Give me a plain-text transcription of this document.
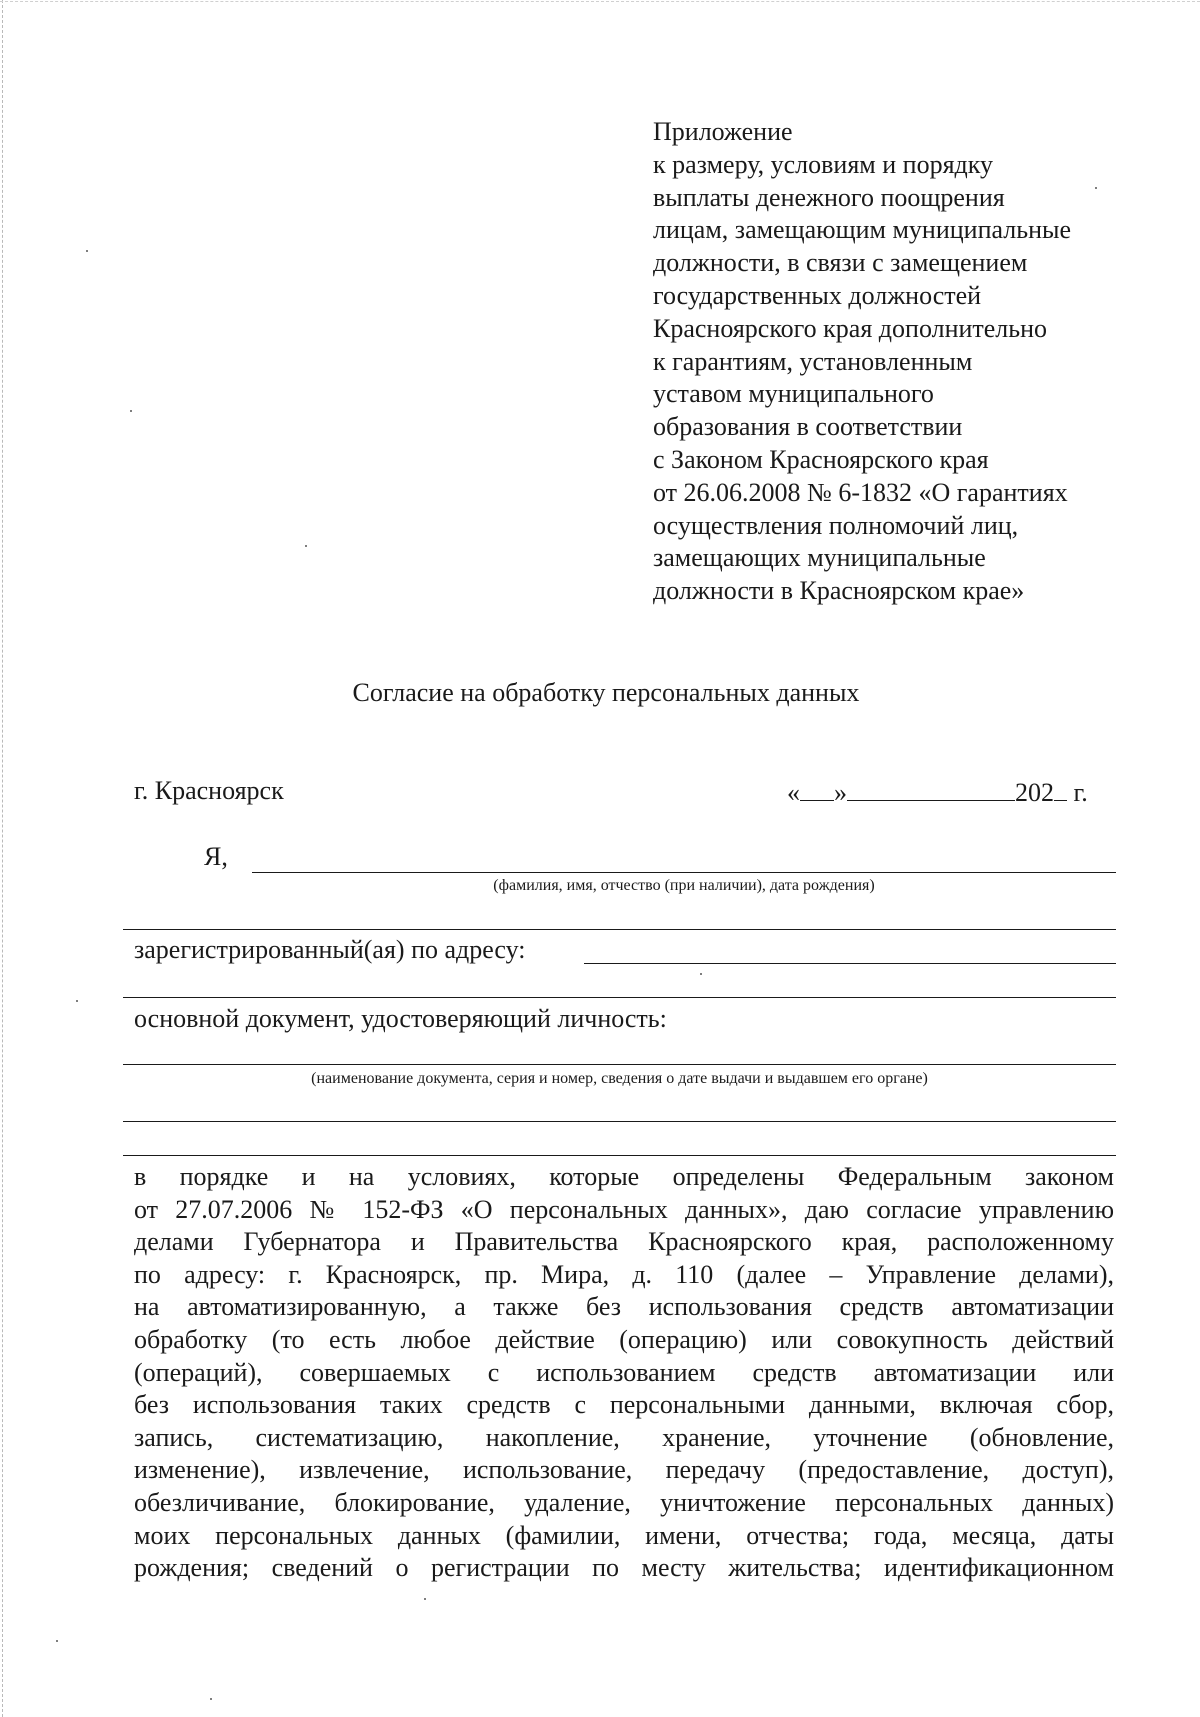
Приложение
к размеру, условиям и порядку
выплаты денежного поощрения
лицам, замещающим муниципальные
должности, в связи с замещением
государственных должностей
Красноярского края дополнительно
к гарантиям, установленным
уставом муниципального
образования в соответствии
с Законом Красноярского края
от 26.06.2008 № 6-1832 «О гарантиях
осуществления полномочий лиц,
замещающих муниципальные
должности в Красноярском крае»
Согласие на обработку персональных данных
г. Красноярск	« »	202 г.
Я,
(фамилия, имя, отчество (при наличии), дата рождения)
зарегистрированный(ая) по адресу:
основной документ, удостоверяющий личность:
(наименование документа, серия и номер, сведения о дате выдачи и выдавшем его органе)
в порядке и на условиях, которые определены Федеральным законом
от 27.07.2006 № 152-ФЗ «О персональных данных», даю согласие управлению
делами Губернатора и Правительства Красноярского края, расположенному
по адресу: г. Красноярск, пр. Мира, д. 110 (далее – Управление делами),
на автоматизированную, а также без использования средств автоматизации
обработку (то есть любое действие (операцию) или совокупность действий
(операций), совершаемых с использованием средств автоматизации или
без использования таких средств с персональными данными, включая сбор,
запись, систематизацию, накопление, хранение, уточнение (обновление,
изменение), извлечение, использование, передачу (предоставление, доступ),
обезличивание, блокирование, удаление, уничтожение персональных данных)
моих персональных данных (фамилии, имени, отчества; года, месяца, даты
рождения; сведений о регистрации по месту жительства; идентификационном
